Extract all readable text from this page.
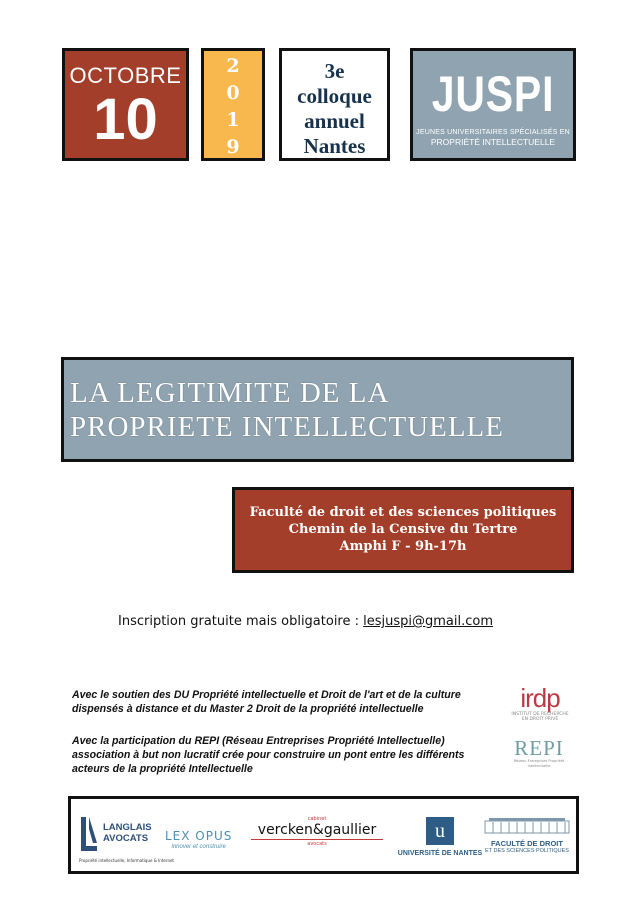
OCTOBRE
10
2
0
1
9
3e
colloque
annuel
Nantes
JUSPI
JEUNES UNIVERSITAIRES SPÉCIALISÉS EN
PROPRIÉTÉ INTELLECTUELLE
LA LEGITIMITE DE LA
PROPRIETE INTELLECTUELLE
Faculté de droit et des sciences politiques
Chemin de la Censive du Tertre
Amphi F - 9h-17h
Inscription gratuite mais obligatoire : lesjuspi@gmail.com
Avec le soutien des DU Propriété intellectuelle et Droit de l'art et de la culture
dispensés à distance et du Master 2 Droit de la propriété intellectuelle	irdp
INSTITUT DE RECHERCHE EN DROIT PRIVÉ
Avec la participation du REPI (Réseau Entreprises Propriété Intellectuelle)
association à but non lucratif crée pour construire un pont entre les différents
acteurs de la propriété Intellectuelle
REPI
Réseau Entreprises Propriété Intellectuelle
LANGLAIS
AVOCATS
Propriété intellectuelle, Informatique & Internet
LEX OPUS
innover et construire
cabinet
vercken&gaullier
avocats
u
UNIVERSITÉ DE NANTES
FACULTÉ DE DROIT
ET DES SCIENCES POLITIQUES
